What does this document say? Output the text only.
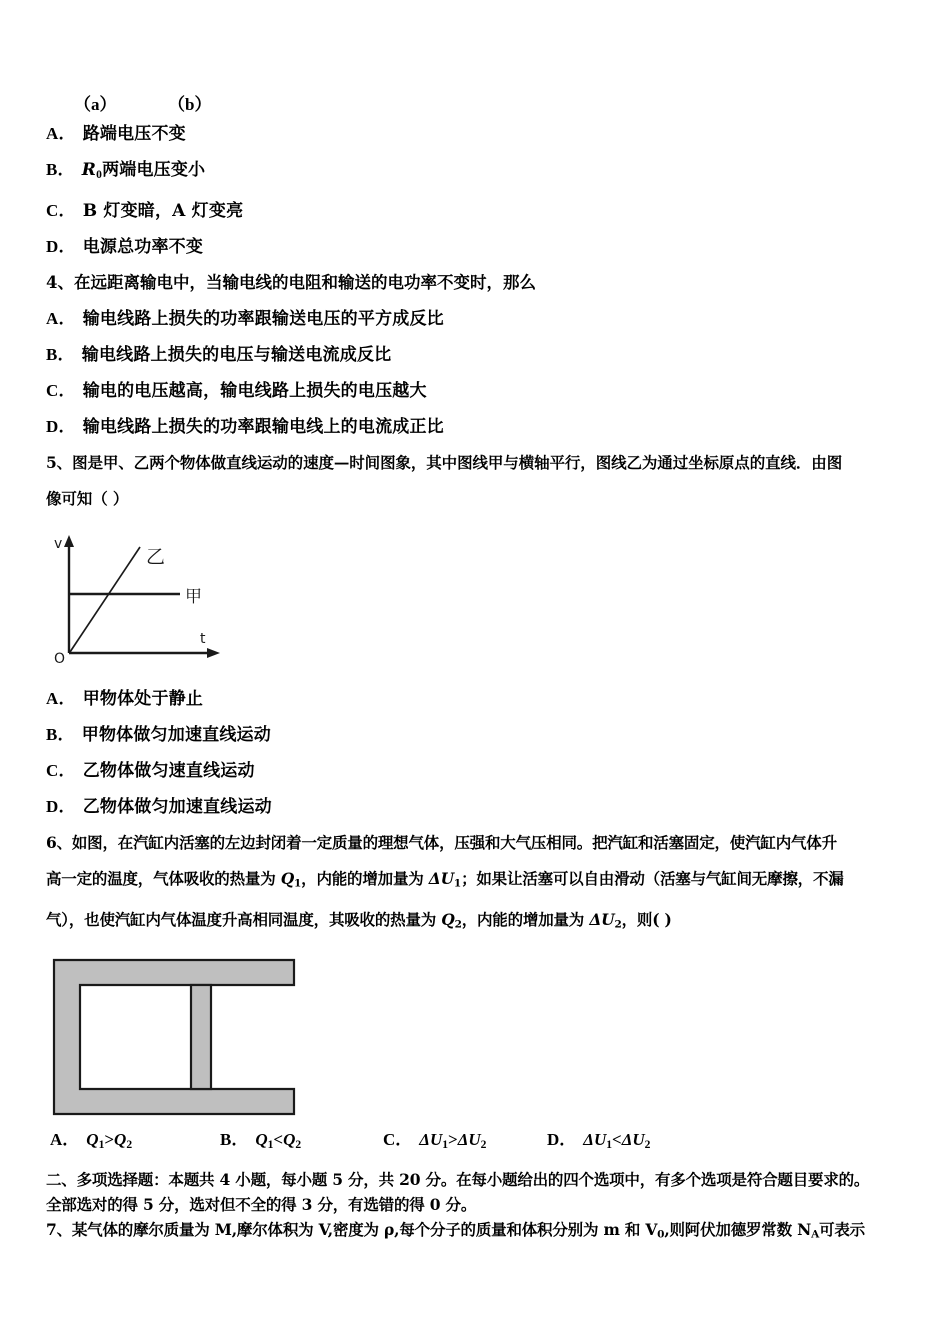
（a）	（b）
A． 路端电压不变
B． $R_0$两端电压变小
C． B 灯变暗，A 灯变亮
D． 电源总功率不变
4、在远距离输电中，当输电线的电阻和输送的电功率不变时，那么
A． 输电线路上损失的功率跟输送电压的平方成反比
B． 输电线路上损失的电压与输送电流成反比
C． 输电的电压越高，输电线路上损失的电压越大
D． 输电线路上损失的功率跟输电线上的电流成正比
5、图是甲、乙两个物体做直线运动的速度—时间图象，其中图线甲与横轴平行，图线乙为通过坐标原点的直线．由图
像可知（ ）
v
O
t
甲
乙
A． 甲物体处于静止
B． 甲物体做匀加速直线运动
C． 乙物体做匀速直线运动
D． 乙物体做匀加速直线运动
6、如图，在汽缸内活塞的左边封闭着一定质量的理想气体，压强和大气压相同。把汽缸和活塞固定，使汽缸内气体升
高一定的温度，气体吸收的热量为 $Q_1$，内能的增加量为 $\Delta U_1$；如果让活塞可以自由滑动（活塞与气缸间无摩擦，不漏
气），也使汽缸内气体温度升高相同温度，其吸收的热量为 $Q_2$，内能的增加量为 $\Delta U_2$，则( )
A． $Q_1>Q_2$	B． $Q_1<Q_2$	C． $\Delta U_1>\Delta U_2$	D． $\Delta U_1<\Delta U_2$
二、多项选择题：本题共 4 小题，每小题 5 分，共 20 分。在每小题给出的四个选项中，有多个选项是符合题目要求的。
全部选对的得 5 分，选对但不全的得 3 分，有选错的得 0 分。
7、某气体的摩尔质量为 M,摩尔体积为 V,密度为 ρ,每个分子的质量和体积分别为 m 和 $V_0$,则阿伏加德罗常数 $N_A$可表示
